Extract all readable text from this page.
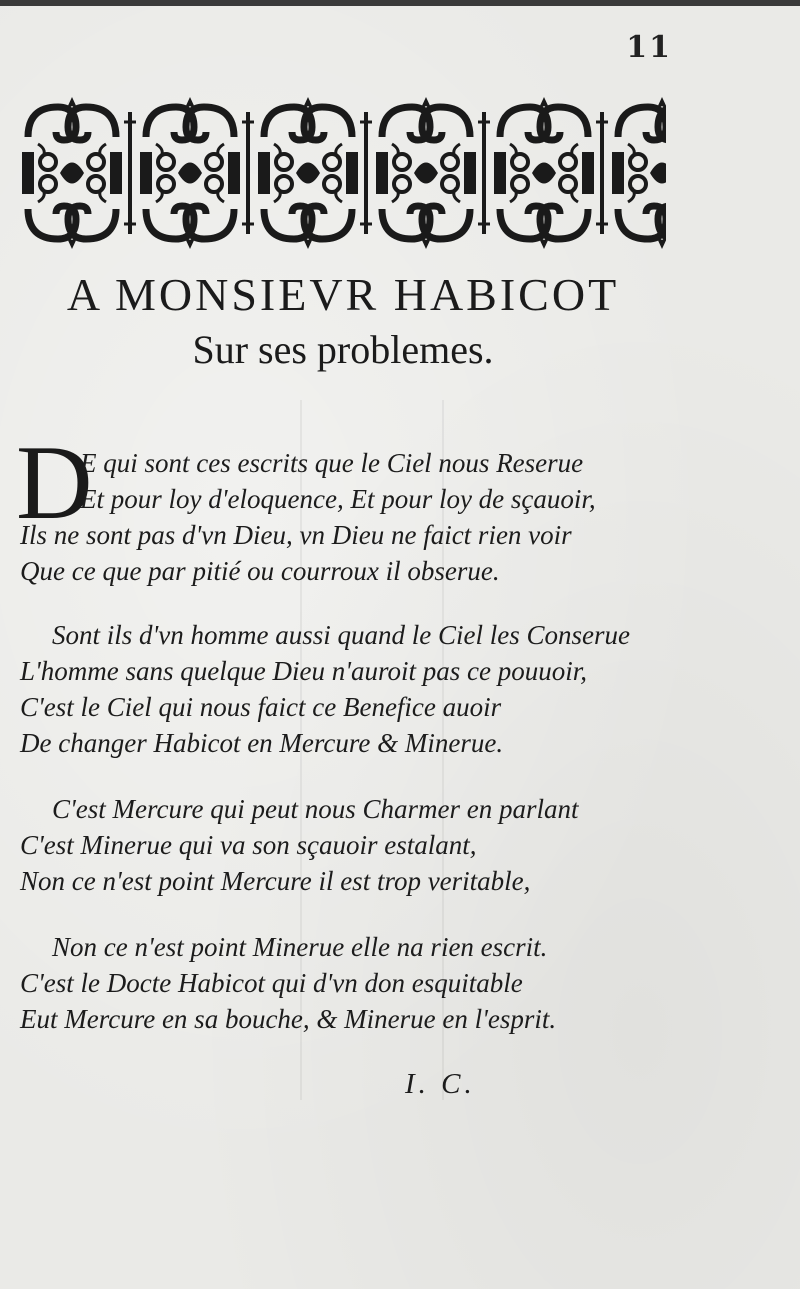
11
A MONSIEVR HABICOT
Sur ses problemes.
D
E qui sont ces escrits que le Ciel nous Reserue
Et pour loy d'eloquence, Et pour loy de sçauoir,
Ils ne sont pas d'vn Dieu, vn Dieu ne faict rien voir
Que ce que par pitié ou courroux il obserue.
Sont ils d'vn homme aussi quand le Ciel les Conserue
L'homme sans quelque Dieu n'auroit pas ce pouuoir,
C'est le Ciel qui nous faict ce Benefice auoir
De changer Habicot en Mercure & Minerue.
C'est Mercure qui peut nous Charmer en parlant
C'est Minerue qui va son sçauoir estalant,
Non ce n'est point Mercure il est trop veritable,
Non ce n'est point Minerue elle na rien escrit.
C'est le Docte Habicot qui d'vn don esquitable
Eut Mercure en sa bouche, & Minerue en l'esprit.
I. C.
